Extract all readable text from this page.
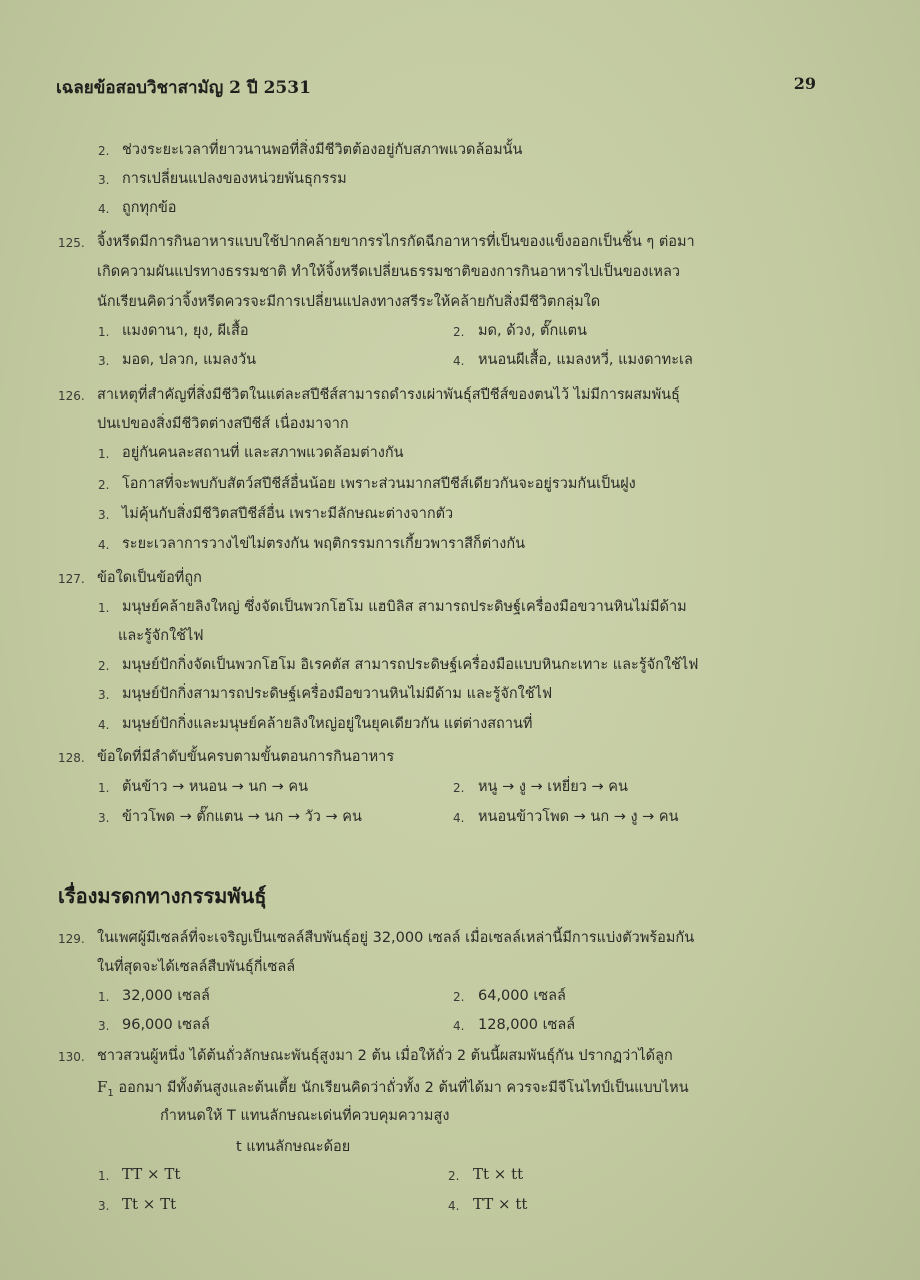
เฉลยข้อสอบวิชาสามัญ 2 ปี 2531	29
2. ช่วงระยะเวลาที่ยาวนานพอที่สิ่งมีชีวิตต้องอยู่กับสภาพแวดล้อมนั้น
3. การเปลี่ยนแปลงของหน่วยพันธุกรรม
4. ถูกทุกข้อ
125. จิ้งหรีดมีการกินอาหารแบบใช้ปากคล้ายขากรรไกรกัดฉีกอาหารที่เป็นของแข็งออกเป็นชิ้น ๆ ต่อมา
เกิดความผันแปรทางธรรมชาติ ทำให้จิ้งหรีดเปลี่ยนธรรมชาติของการกินอาหารไปเป็นของเหลว
นักเรียนคิดว่าจิ้งหรีดควรจะมีการเปลี่ยนแปลงทางสรีระให้คล้ายกับสิ่งมีชีวิตกลุ่มใด
1. แมงดานา, ยุง, ผีเสื้อ	2. มด, ด้วง, ตั๊กแตน
3. มอด, ปลวก, แมลงวัน	4. หนอนผีเสื้อ, แมลงหวี่, แมงดาทะเล
126. สาเหตุที่สำคัญที่สิ่งมีชีวิตในแต่ละสปีชีส์สามารถดำรงเผ่าพันธุ์สปีชีส์ของตนไว้ ไม่มีการผสมพันธุ์
ปนเปของสิ่งมีชีวิตต่างสปีชีส์ เนื่องมาจาก
1. อยู่กันคนละสถานที่ และสภาพแวดล้อมต่างกัน
2. โอกาสที่จะพบกับสัตว์สปีชีส์อื่นน้อย เพราะส่วนมากสปีชีส์เดียวกันจะอยู่รวมกันเป็นฝูง
3. ไม่คุ้นกับสิ่งมีชีวิตสปีชีส์อื่น เพราะมีลักษณะต่างจากตัว
4. ระยะเวลาการวางไข่ไม่ตรงกัน พฤติกรรมการเกี้ยวพาราสีก็ต่างกัน
127. ข้อใดเป็นข้อที่ถูก
1. มนุษย์คล้ายลิงใหญ่ ซึ่งจัดเป็นพวกโฮโม แฮบิลิส สามารถประดิษฐ์เครื่องมือขวานหินไม่มีด้าม
และรู้จักใช้ไฟ
2. มนุษย์ปักกิ่งจัดเป็นพวกโฮโม อิเรคตัส สามารถประดิษฐ์เครื่องมือแบบหินกะเทาะ และรู้จักใช้ไฟ
3. มนุษย์ปักกิ่งสามารถประดิษฐ์เครื่องมือขวานหินไม่มีด้าม และรู้จักใช้ไฟ
4. มนุษย์ปักกิ่งและมนุษย์คล้ายลิงใหญ่อยู่ในยุคเดียวกัน แต่ต่างสถานที่
128. ข้อใดที่มีลำดับขั้นครบตามขั้นตอนการกินอาหาร
1. ต้นข้าว → หนอน → นก → คน	2. หนู → งู → เหยี่ยว → คน
3. ข้าวโพด → ตั๊กแตน → นก → วัว → คน	4. หนอนข้าวโพด → นก → งู → คน
เรื่องมรดกทางกรรมพันธุ์
129. ในเพศผู้มีเซลล์ที่จะเจริญเป็นเซลล์สืบพันธุ์อยู่ 32,000 เซลล์ เมื่อเซลล์เหล่านี้มีการแบ่งตัวพร้อมกัน
ในที่สุดจะได้เซลล์สืบพันธุ์กี่เซลล์
1. 32,000 เซลล์	2. 64,000 เซลล์
3. 96,000 เซลล์	4. 128,000 เซลล์
130. ชาวสวนผู้หนึ่ง ได้ต้นถั่วลักษณะพันธุ์สูงมา 2 ต้น เมื่อให้ถั่ว 2 ต้นนี้ผสมพันธุ์กัน ปรากฏว่าได้ลูก
$F_1$ ออกมา มีทั้งต้นสูงและต้นเตี้ย นักเรียนคิดว่าถั่วทั้ง 2 ต้นที่ได้มา ควรจะมีจีโนไทป์เป็นแบบไหน
กำหนดให้ T แทนลักษณะเด่นที่ควบคุมความสูง
t แทนลักษณะด้อย
1. TT × Tt	2. Tt × tt
3. Tt × Tt	4. TT × tt
